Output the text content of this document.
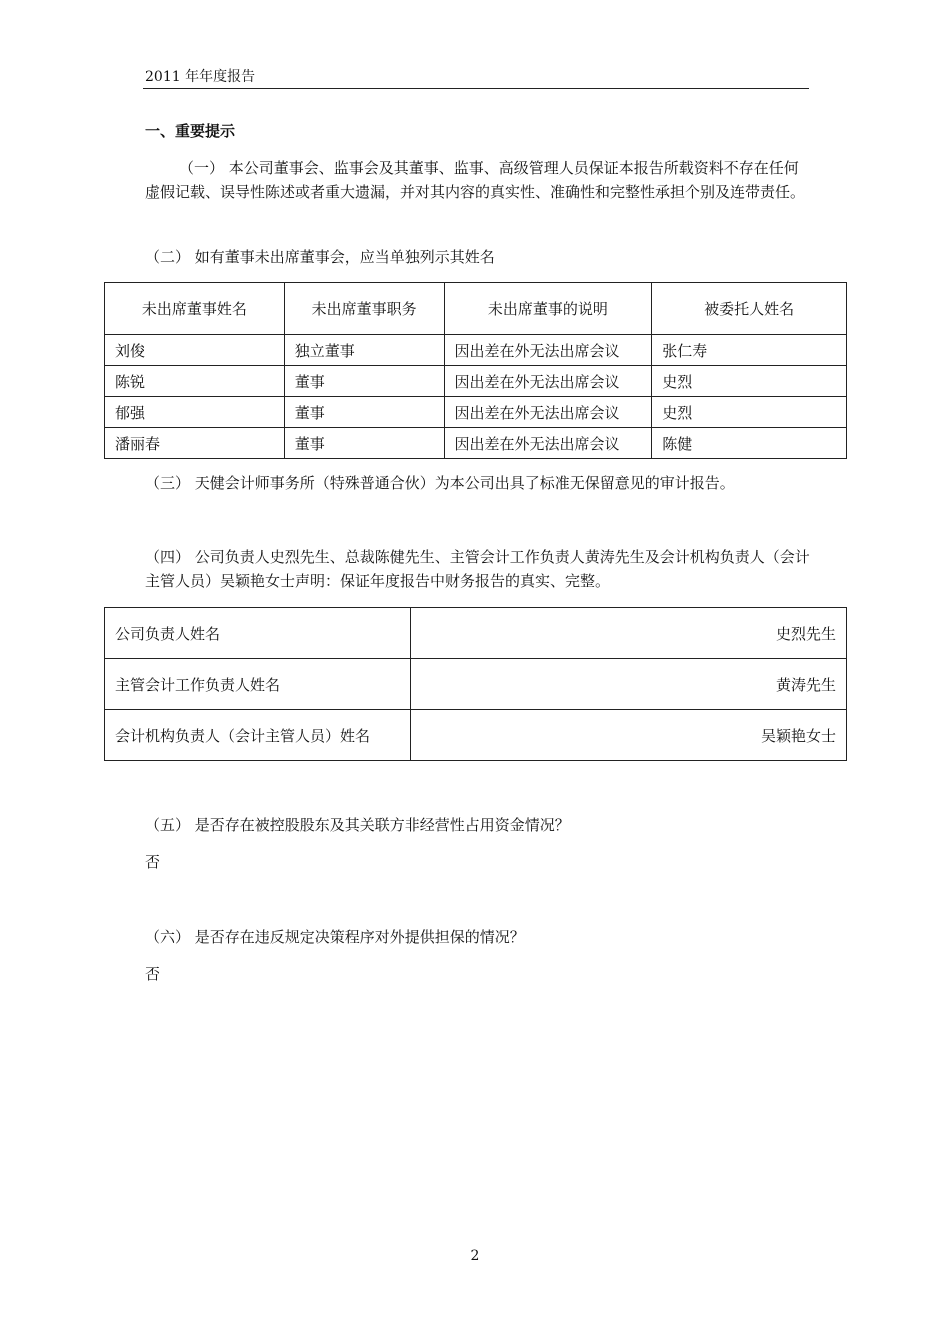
2011 年年度报告
一、重要提示
（一） 本公司董事会、监事会及其董事、监事、高级管理人员保证本报告所载资料不存在任何虚假记载、误导性陈述或者重大遗漏，并对其内容的真实性、准确性和完整性承担个别及连带责任。
（二） 如有董事未出席董事会，应当单独列示其姓名
未出席董事姓名	未出席董事职务	未出席董事的说明	被委托人姓名
刘俊	独立董事	因出差在外无法出席会议	张仁寿
陈锐	董事	因出差在外无法出席会议	史烈
郁强	董事	因出差在外无法出席会议	史烈
潘丽春	董事	因出差在外无法出席会议	陈健
（三） 天健会计师事务所（特殊普通合伙）为本公司出具了标准无保留意见的审计报告。
（四） 公司负责人史烈先生、总裁陈健先生、主管会计工作负责人黄涛先生及会计机构负责人（会计主管人员）吴颖艳女士声明：保证年度报告中财务报告的真实、完整。
公司负责人姓名	史烈先生
主管会计工作负责人姓名	黄涛先生
会计机构负责人（会计主管人员）姓名	吴颖艳女士
（五） 是否存在被控股股东及其关联方非经营性占用资金情况？
否
（六） 是否存在违反规定决策程序对外提供担保的情况？
否
2
